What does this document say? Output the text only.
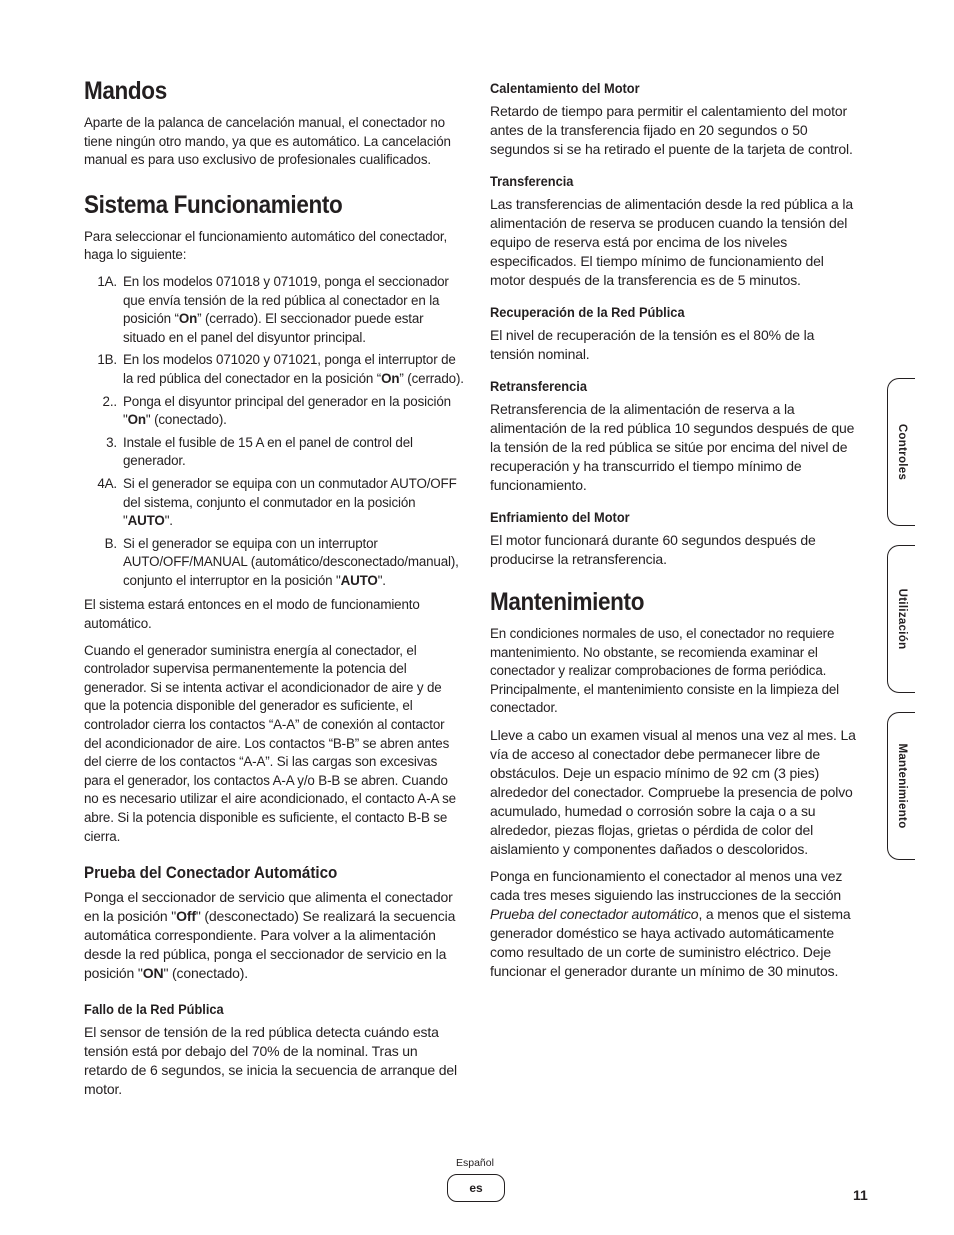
Mandos

Aparte de la palanca de cancelación manual, el conectador no tiene ningún otro mando, ya que es automático. La cancelación manual es para uso exclusivo de profesionales cualificados.

Sistema Funcionamiento

Para seleccionar el funcionamiento automático del conectador, haga lo siguiente:

1A. En los modelos 071018 y 071019, ponga el seccionador que envía tensión de la red pública al conectador en la posición “On” (cerrado). El seccionador puede estar situado en el panel del disyuntor principal.
1B. En los modelos 071020 y 071021, ponga el interruptor de la red pública del conectador en la posición “On” (cerrado).
2.. Ponga el disyuntor principal del generador en la posición "On" (conectado).
3. Instale el fusible de 15 A en el panel de control del generador.
4A. Si el generador se equipa con un conmutador AUTO/OFF del sistema, conjunto el conmutador en la posición "AUTO".
B. Si el generador se equipa con un interruptor AUTO/OFF/MANUAL (automático/desconectado/manual), conjunto el interruptor en la posición "AUTO".

El sistema estará entonces en el modo de funcionamiento automático.

Cuando el generador suministra energía al conectador, el controlador supervisa permanentemente la potencia del generador. Si se intenta activar el acondicionador de aire y de que la potencia disponible del generador es suficiente, el controlador cierra los contactos “A-A” de conexión al contactor del acondicionador de aire. Los contactos “B-B” se abren antes del cierre de los contactos “A-A”. Si las cargas son excesivas para el generador, los contactos A-A y/o B-B se abren. Cuando no es necesario utilizar el aire acondicionado, el contacto A-A se abre. Si la potencia disponible es suficiente, el contacto B-B se cierra.

Prueba del Conectador Automático

Ponga el seccionador de servicio que alimenta el conectador en la posición "Off" (desconectado) Se realizará la secuencia automática correspondiente. Para volver a la alimentación desde la red pública, ponga el seccionador de servicio en la posición "ON" (conectado).

Fallo de la Red Pública

El sensor de tensión de la red pública detecta cuándo esta tensión está por debajo del 70% de la nominal. Tras un retardo de 6 segundos, se inicia la secuencia de arranque del motor.

Calentamiento del Motor

Retardo de tiempo para permitir el calentamiento del motor antes de la transferencia fijado en 20 segundos o 50 segundos si se ha retirado el puente de la tarjeta de control.

Transferencia

Las transferencias de alimentación desde la red pública a la alimentación de reserva se producen cuando la tensión del equipo de reserva está por encima de los niveles especificados. El tiempo mínimo de funcionamiento del motor después de la transferencia es de 5 minutos.

Recuperación de la Red Pública

El nivel de recuperación de la tensión es el 80% de la tensión nominal.

Retransferencia

Retransferencia de la alimentación de reserva a la alimentación de la red pública 10 segundos después de que la tensión de la red pública se sitúe por encima del nivel de recuperación y ha transcurrido el tiempo mínimo de funcionamiento.

Enfriamiento del Motor

El motor funcionará durante 60 segundos después de producirse la retransferencia.

Mantenimiento

En condiciones normales de uso, el conectador no requiere mantenimiento. No obstante, se recomienda examinar el conectador y realizar comprobaciones de forma periódica. Principalmente, el mantenimiento consiste en la limpieza del conectador.

Lleve a cabo un examen visual al menos una vez al mes. La vía de acceso al conectador debe permanecer libre de obstáculos. Deje un espacio mínimo de 92 cm (3 pies) alrededor del conectador. Compruebe la presencia de polvo acumulado, humedad o corrosión sobre la caja o a su alrededor, piezas flojas, grietas o pérdida de color del aislamiento y componentes dañados o descoloridos.

Ponga en funcionamiento el conectador al menos una vez cada tres meses siguiendo las instrucciones de la sección Prueba del conectador automático, a menos que el sistema generador doméstico se haya activado automáticamente como resultado de un corte de suministro eléctrico. Deje funcionar el generador durante un mínimo de 30 minutos.

Controles
Utilización
Mantenimiento
Español
es	11
